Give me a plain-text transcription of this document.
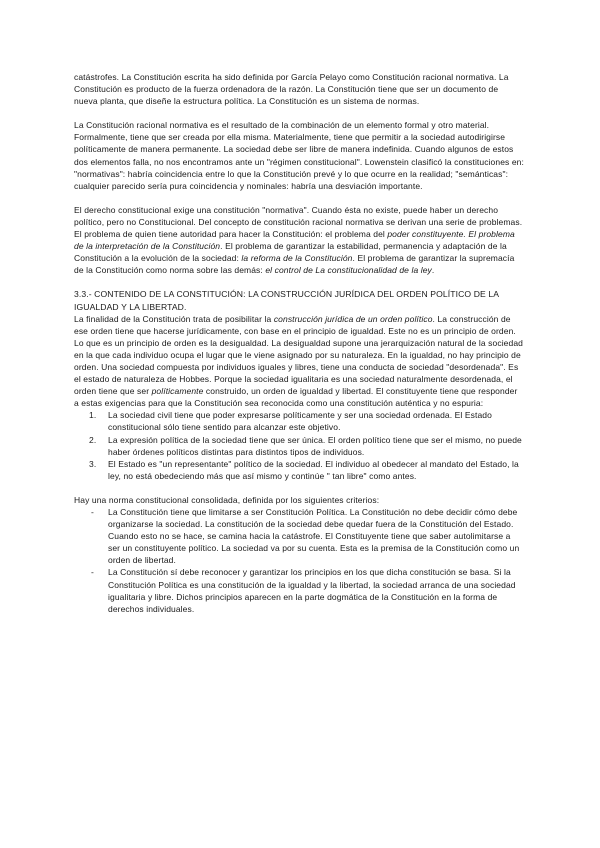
catástrofes. La Constitución escrita ha sido definida por García Pelayo como Constitución racional normativa. La Constitución es producto de la fuerza ordenadora de la razón. La Constitución tiene que ser un documento de nueva planta, que diseñe la estructura política. La Constitución es un sistema de normas.

La Constitución racional normativa es el resultado de la combinación de un elemento formal y otro material. Formalmente, tiene que ser creada por ella misma. Materialmente, tiene que permitir a la sociedad autodirigirse políticamente de manera permanente. La sociedad debe ser libre de manera indefinida. Cuando algunos de estos dos elementos falla, no nos encontramos ante un "régimen constitucional". Lowenstein clasificó la constituciones en: "normativas": habría coincidencia entre lo que la Constitución prevé y lo que ocurre en la realidad; "semánticas": cualquier parecido sería pura coincidencia y nominales: habría una desviación importante.

El derecho constitucional exige una constitución "normativa". Cuando ésta no existe, puede haber un derecho político, pero no Constitucional. Del concepto de constitución racional normativa se derivan una serie de problemas. El problema de quien tiene autoridad para hacer la Constitución: el problema del poder constituyente. El problema de la interpretación de la Constitución. El problema de garantizar la estabilidad, permanencia y adaptación de la Constitución a la evolución de la sociedad: la reforma de la Constitución. El problema de garantizar la supremacía de la Constitución como norma sobre las demás: el control de La constitucionalidad de la ley.

3.3.- CONTENIDO DE LA CONSTITUCIÓN: LA CONSTRUCCIÓN JURÍDICA DEL ORDEN POLÍTICO DE LA IGUALDAD Y LA LIBERTAD.

La finalidad de la Constitución trata de posibilitar la construcción jurídica de un orden político. La construcción de ese orden tiene que hacerse jurídicamente, con base en el principio de igualdad. Este no es un principio de orden. Lo que es un principio de orden es la desigualdad. La desigualdad supone una jerarquización natural de la sociedad en la que cada individuo ocupa el lugar que le viene asignado por su naturaleza. En la igualdad, no hay principio de orden. Una sociedad compuesta por individuos iguales y libres, tiene una conducta de sociedad "desordenada". Es el estado de naturaleza de Hobbes. Porque la sociedad igualitaria es una sociedad naturalmente desordenada, el orden tiene que ser políticamente construido, un orden de igualdad y libertad. El constituyente tiene que responder a estas exigencias para que la Constitución sea reconocida como una constitución auténtica y no espuria:

1. La sociedad civil tiene que poder expresarse políticamente y ser una sociedad ordenada. El Estado constitucional sólo tiene sentido para alcanzar este objetivo.
2. La expresión política de la sociedad tiene que ser única. El orden político tiene que ser el mismo, no puede haber órdenes políticos distintas para distintos tipos de individuos.
3. El Estado es "un representante" político de la sociedad. El individuo al obedecer al mandato del Estado, la ley, no está obedeciendo más que así mismo y continúe " tan libre" como antes.

Hay una norma constitucional consolidada, definida por los siguientes criterios:

- La Constitución tiene que limitarse a ser Constitución Política. La Constitución no debe decidir cómo debe organizarse la sociedad. La constitución de la sociedad debe quedar fuera de la Constitución del Estado. Cuando esto no se hace, se camina hacia la catástrofe. El Constituyente tiene que saber autolimitarse a ser un constituyente político. La sociedad va por su cuenta. Esta es la premisa de la Constitución como un orden de libertad.
- La Constitución sí debe reconocer y garantizar los principios en los que dicha constitución se basa. Si la Constitución Política es una constitución de la igualdad y la libertad, la sociedad arranca de una sociedad igualitaria y libre. Dichos principios aparecen en la parte dogmática de la Constitución en la forma de derechos individuales.
